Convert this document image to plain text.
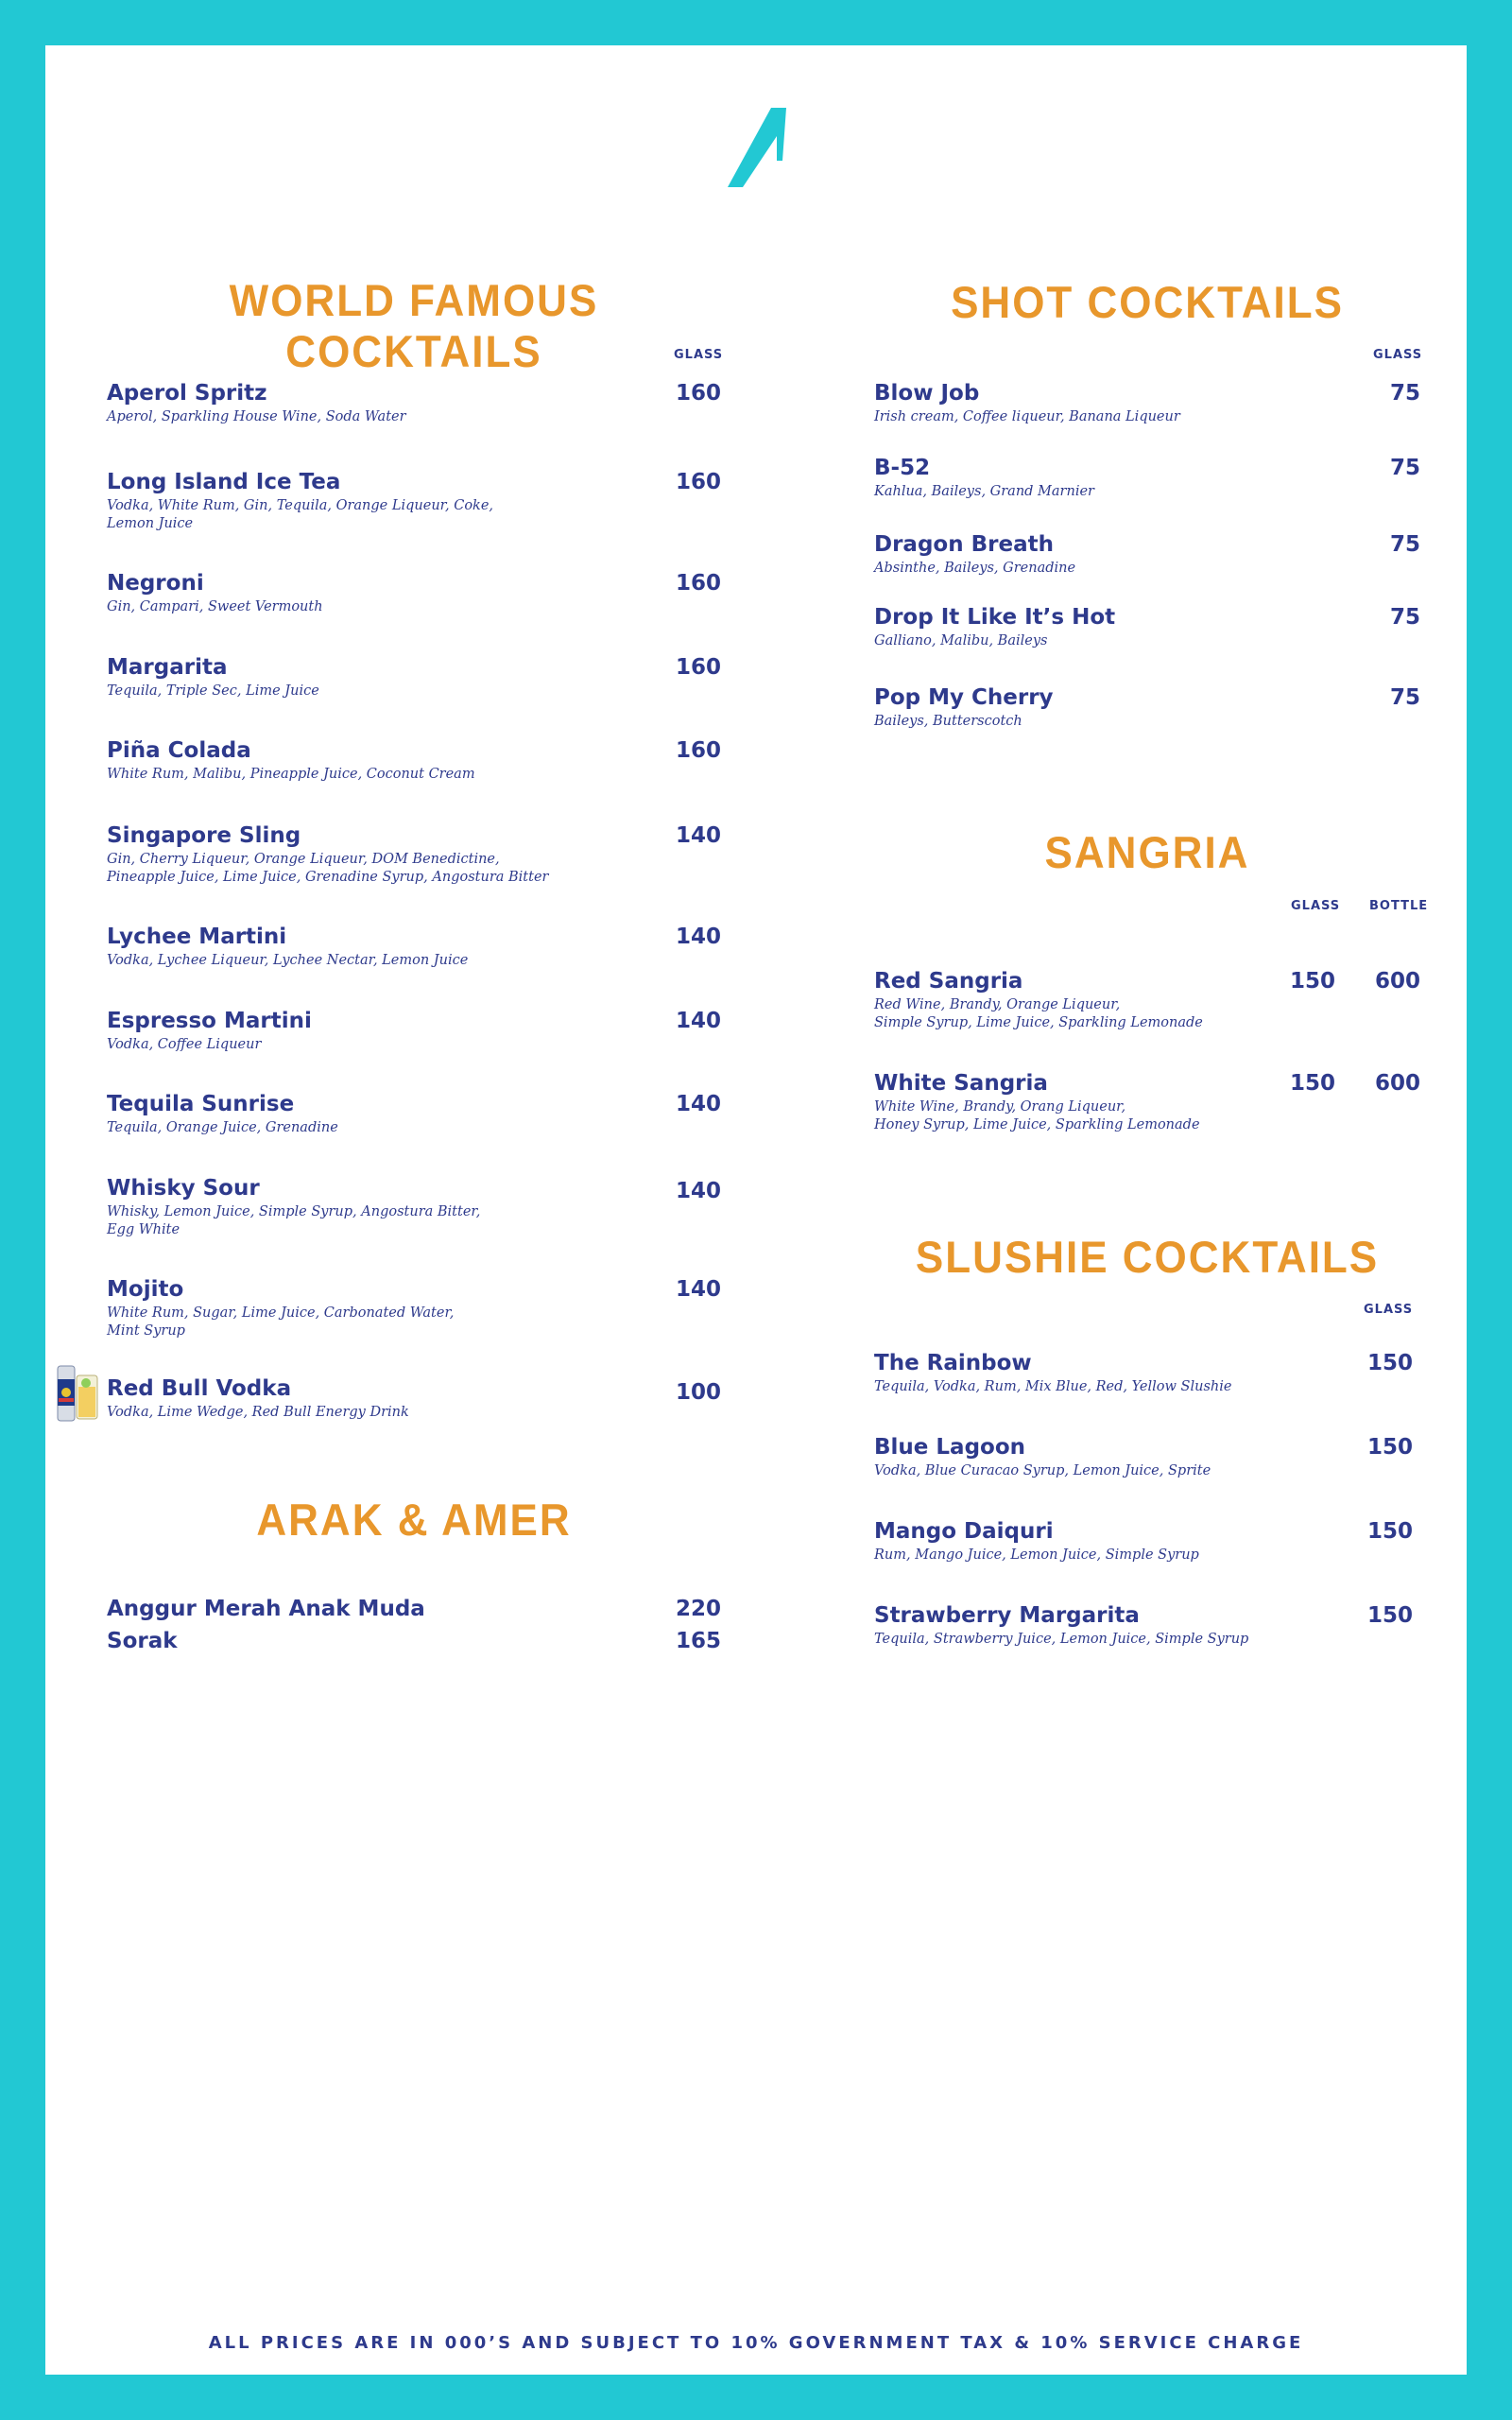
WORLD FAMOUS COCKTAILS	GLASS
Aperol Spritz
Aperol, Sparkling House Wine, Soda Water
160
Long Island Ice Tea
Vodka, White Rum, Gin, Tequila, Orange Liqueur, Coke,
Lemon Juice
160
Negroni
Gin, Campari, Sweet Vermouth
160
Margarita
Tequila, Triple Sec, Lime Juice
160
Piña Colada
White Rum, Malibu, Pineapple Juice, Coconut Cream
160
Singapore Sling
Gin, Cherry Liqueur, Orange Liqueur, DOM Benedictine,
Pineapple Juice, Lime Juice, Grenadine Syrup, Angostura Bitter
140
Lychee Martini
Vodka, Lychee Liqueur, Lychee Nectar, Lemon Juice
140
Espresso Martini
Vodka, Coffee Liqueur
140
Tequila Sunrise
Tequila, Orange Juice, Grenadine
140
Whisky Sour
Whisky, Lemon Juice, Simple Syrup, Angostura Bitter,
Egg White
140
Mojito
White Rum, Sugar, Lime Juice, Carbonated Water,
Mint Syrup
140
Red Bull Vodka
Vodka, Lime Wedge, Red Bull Energy Drink
100
ARAK & AMER
Anggur Merah Anak Muda	220
Sorak	165
SHOT COCKTAILS
GLASS
Blow Job
Irish cream, Coffee liqueur, Banana Liqueur
75
B-52
Kahlua, Baileys, Grand Marnier
75
Dragon Breath
Absinthe, Baileys, Grenadine
75
Drop It Like It’s Hot
Galliano, Malibu, Baileys
75
Pop My Cherry
Baileys, Butterscotch
75
SANGRIA
GLASS BOTTLE
Red Sangria
Red Wine, Brandy, Orange Liqueur,
Simple Syrup, Lime Juice, Sparkling Lemonade
150	600
White Sangria
White Wine, Brandy, Orang Liqueur,
Honey Syrup, Lime Juice, Sparkling Lemonade
150	600
SLUSHIE COCKTAILS
GLASS
The Rainbow
Tequila, Vodka, Rum, Mix Blue, Red, Yellow Slushie
150
Blue Lagoon
Vodka, Blue Curacao Syrup, Lemon Juice, Sprite
150
Mango Daiquri
Rum, Mango Juice, Lemon Juice, Simple Syrup
150
Strawberry Margarita
Tequila, Strawberry Juice, Lemon Juice, Simple Syrup
150
ALL PRICES ARE IN 000’S AND SUBJECT TO 10% GOVERNMENT TAX & 10% SERVICE CHARGE
